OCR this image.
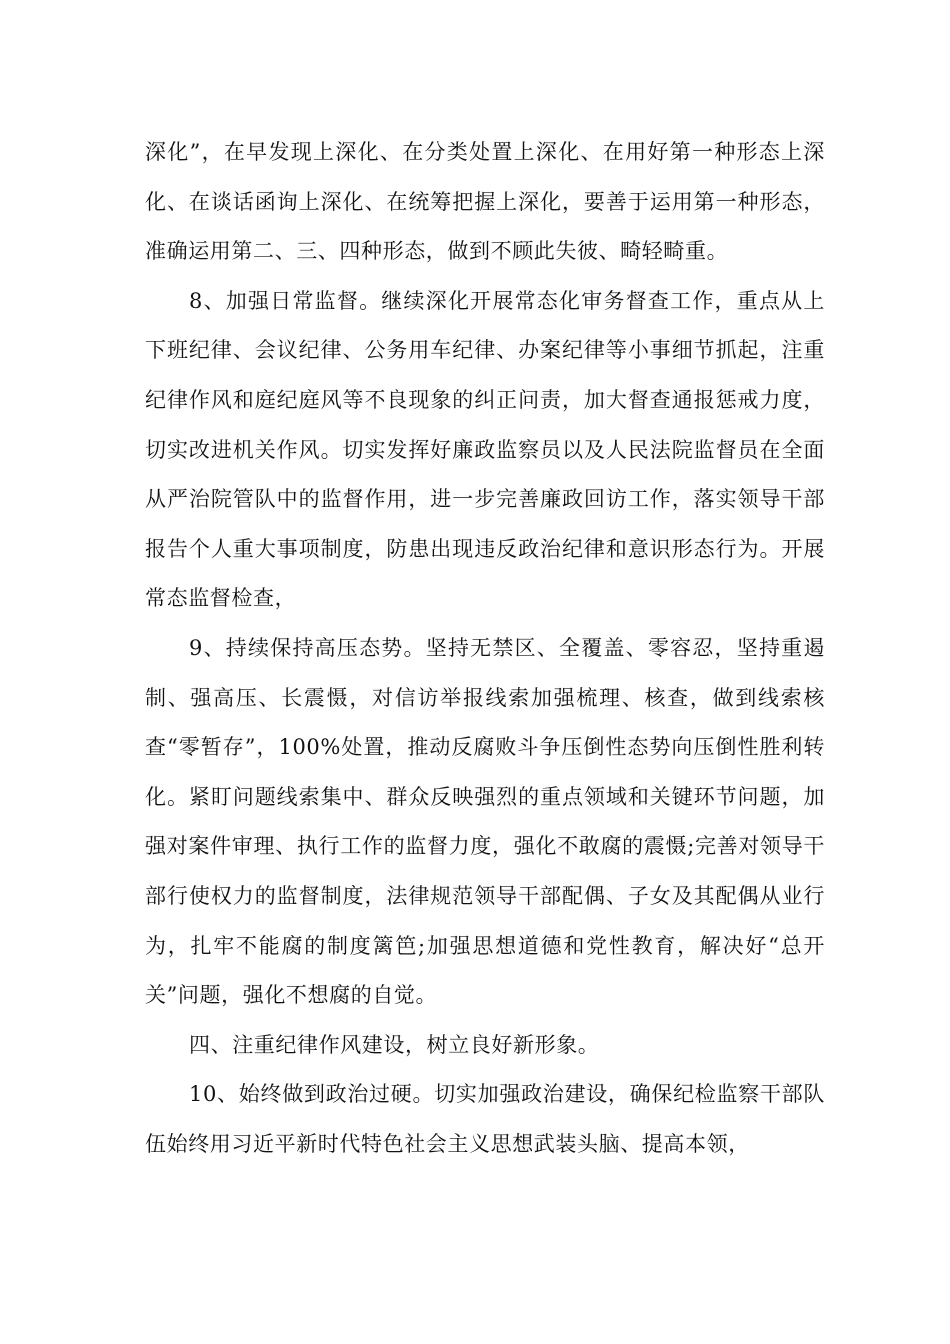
深化”，在早发现上深化、在分类处置上深化、在用好第一种形态上深化、在谈话函询上深化、在统筹把握上深化，要善于运用第一种形态，准确运用第二、三、四种形态，做到不顾此失彼、畸轻畸重。

8、加强日常监督。继续深化开展常态化审务督查工作，重点从上下班纪律、会议纪律、公务用车纪律、办案纪律等小事细节抓起，注重纪律作风和庭纪庭风等不良现象的纠正问责，加大督查通报惩戒力度，切实改进机关作风。切实发挥好廉政监察员以及人民法院监督员在全面从严治院管队中的监督作用，进一步完善廉政回访工作，落实领导干部报告个人重大事项制度，防患出现违反政治纪律和意识形态行为。开展常态监督检查，

9、持续保持高压态势。坚持无禁区、全覆盖、零容忍，坚持重遏制、强高压、长震慑，对信访举报线索加强梳理、核查，做到线索核查“零暂存”，100%处置，推动反腐败斗争压倒性态势向压倒性胜利转化。紧盯问题线索集中、群众反映强烈的重点领域和关键环节问题，加强对案件审理、执行工作的监督力度，强化不敢腐的震慑;完善对领导干部行使权力的监督制度，法律规范领导干部配偶、子女及其配偶从业行为，扎牢不能腐的制度篱笆;加强思想道德和党性教育，解决好“总开关”问题，强化不想腐的自觉。

四、注重纪律作风建设，树立良好新形象。

10、始终做到政治过硬。切实加强政治建设，确保纪检监察干部队伍始终用习近平新时代特色社会主义思想武装头脑、提高本领，
